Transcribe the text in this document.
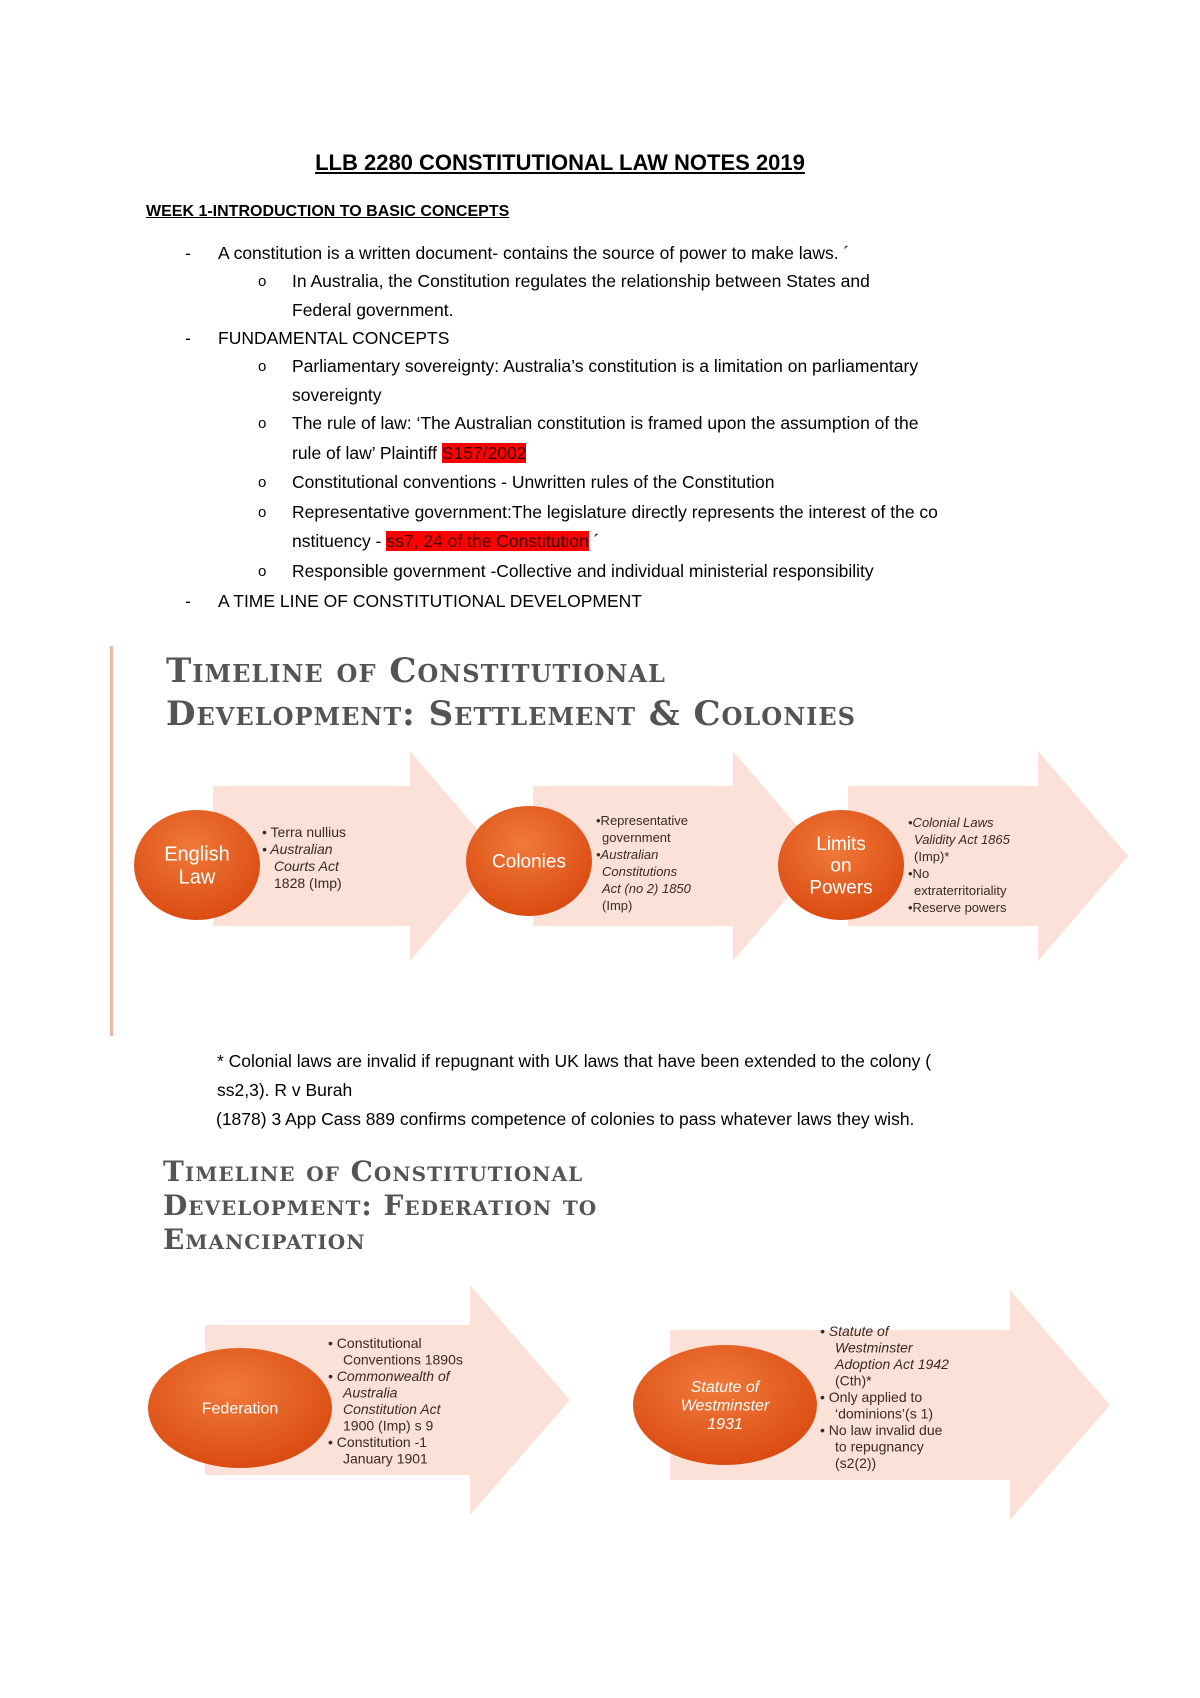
LLB 2280 CONSTITUTIONAL LAW NOTES 2019
WEEK 1-INTRODUCTION TO BASIC CONCEPTS
- A constitution is a written document- contains the source of power to make laws. ´
o In Australia, the Constitution regulates the relationship between States and
Federal government.
- FUNDAMENTAL CONCEPTS
o Parliamentary sovereignty: Australia’s constitution is a limitation on parliamentary
sovereignty
o The rule of law: ‘The Australian constitution is framed upon the assumption of the
rule of law’ Plaintiff S157/2002
o Constitutional conventions - Unwritten rules of the Constitution
o Representative government:The legislature directly represents the interest of the co
nstituency - ss7, 24 of the Constitution ´
o Responsible government -Collective and individual ministerial responsibility
- A TIME LINE OF CONSTITUTIONAL DEVELOPMENT
Timeline of Constitutional
Development: Settlement & Colonies
English
Law
• Terra nullius
• Australian
Courts Act
1828 (Imp)
Colonies
•Representative
government
•Australian
Constitutions
Act (no 2) 1850
(Imp)
Limits
on
Powers
•Colonial Laws
Validity Act 1865
(Imp)*
•No
extraterritoriality
•Reserve powers
* Colonial laws are invalid if repugnant with UK laws that have been extended to the colony (
ss2,3). R v Burah
(1878) 3 App Cass 889 confirms competence of colonies to pass whatever laws they wish.
Timeline of Constitutional
Development: Federation to
Emancipation
Federation
• Constitutional
Conventions 1890s
• Commonwealth of
Australia
Constitution Act
1900 (Imp) s 9
• Constitution -1
January 1901
Statute of
Westminster
1931
• Statute of
Westminster
Adoption Act 1942
(Cth)*
• Only applied to
‘dominions’(s 1)
• No law invalid due
to repugnancy
(s2(2))
